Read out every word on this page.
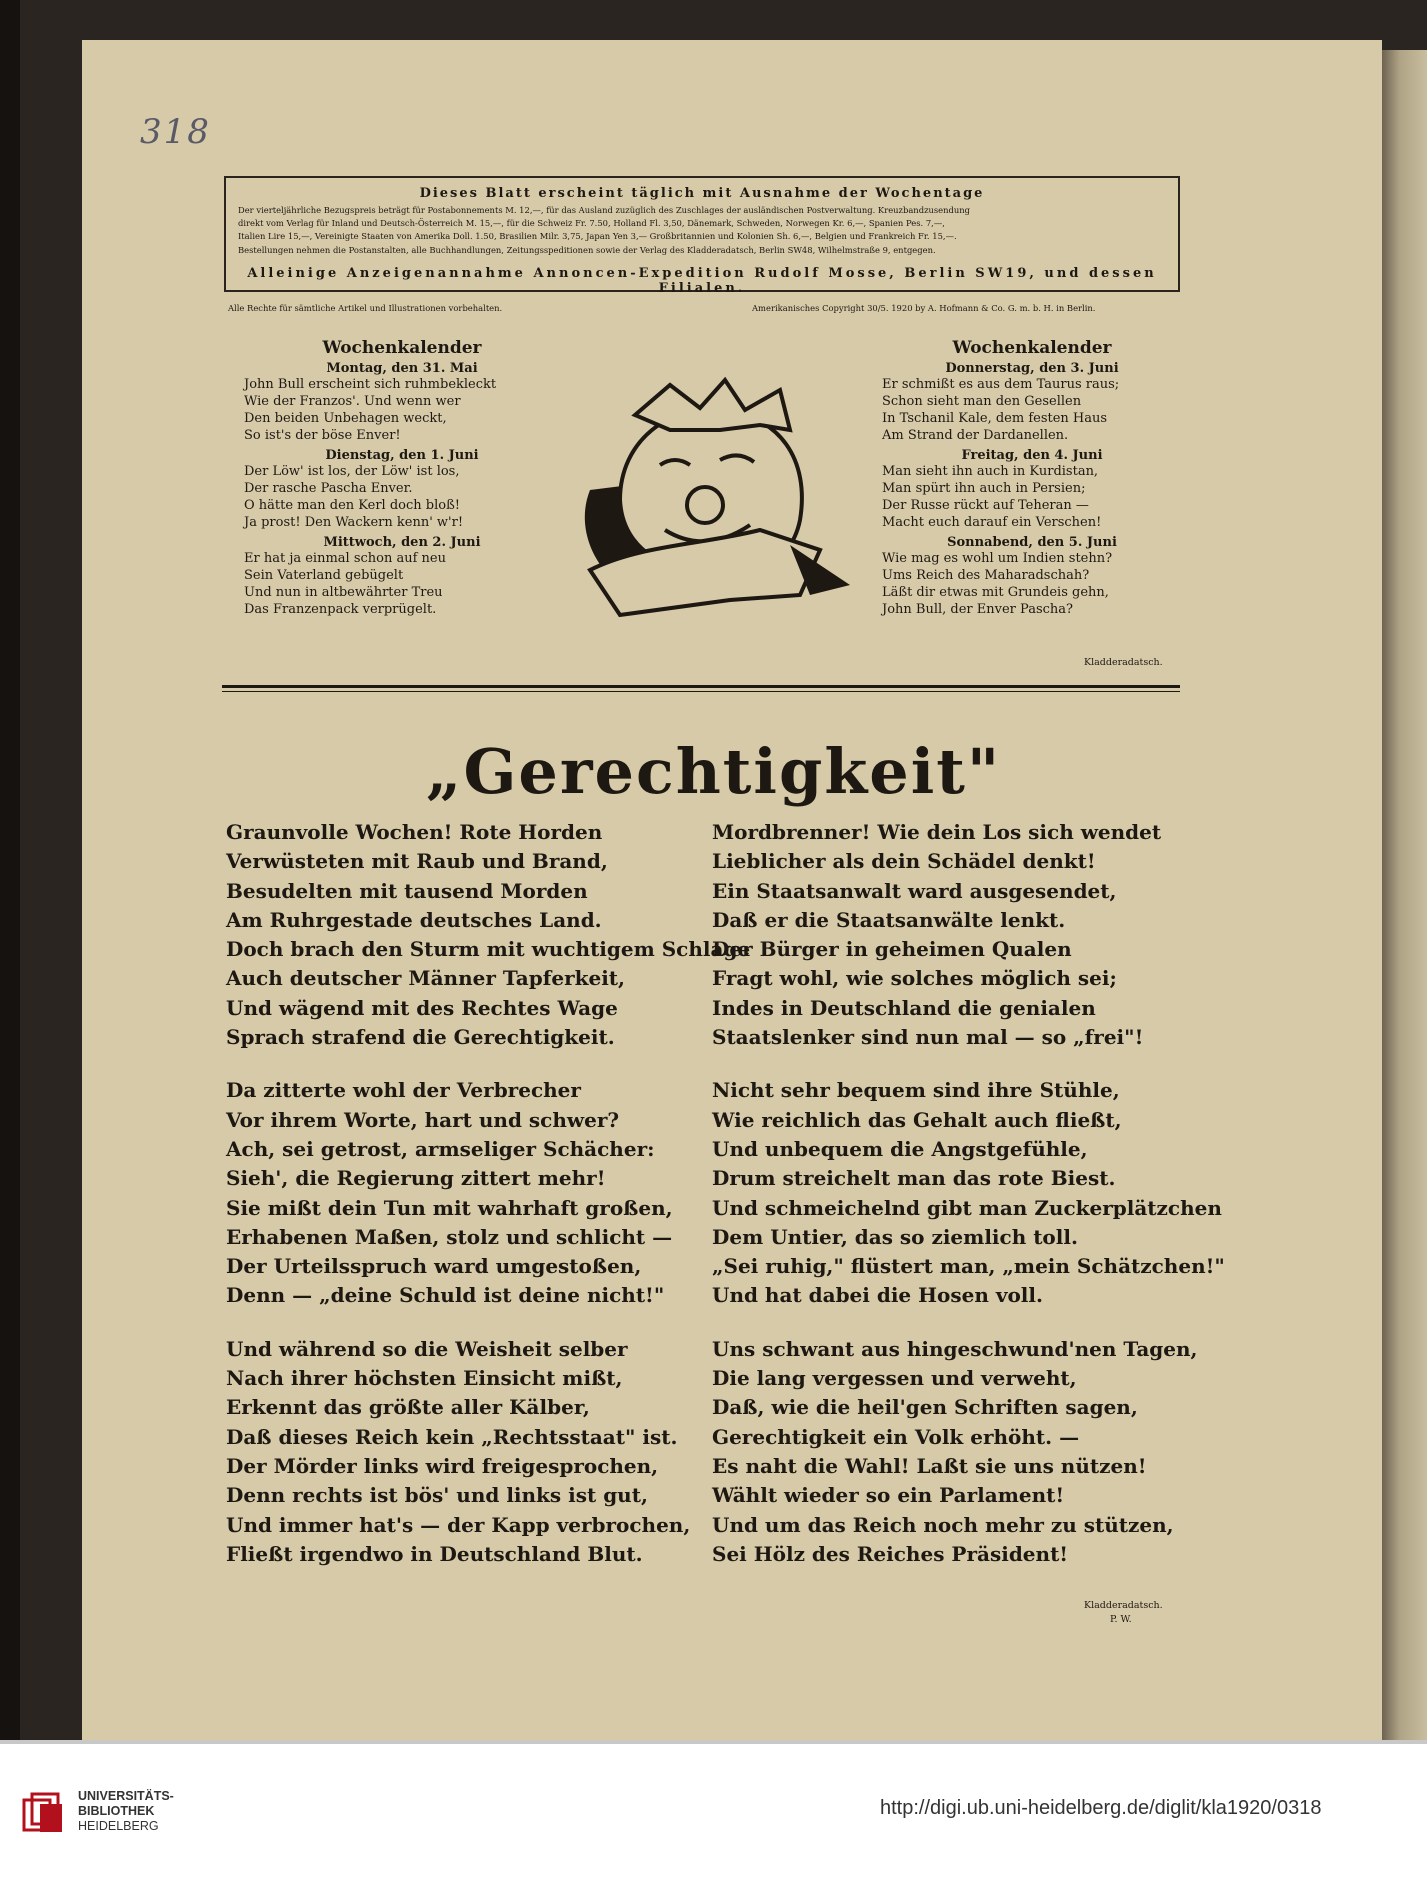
318
Dieses Blatt erscheint täglich mit Ausnahme der Wochentage
Der vierteljährliche Bezugspreis beträgt für Postabonnements M. 12,—, für das Ausland zuzüglich des Zuschlages der ausländischen Postverwaltung. Kreuzbandzusendung
direkt vom Verlag für Inland und Deutsch-Österreich M. 15,—, für die Schweiz Fr. 7.50, Holland Fl. 3,50, Dänemark, Schweden, Norwegen Kr. 6,—, Spanien Pes. 7,—,
Italien Lire 15,—, Vereinigte Staaten von Amerika Doll. 1.50, Brasilien Milr. 3,75, Japan Yen 3,— Großbritannien und Kolonien Sh. 6,—, Belgien und Frankreich Fr. 15,—.
Bestellungen nehmen die Postanstalten, alle Buchhandlungen, Zeitungsspeditionen sowie der Verlag des Kladderadatsch, Berlin SW48, Wilhelmstraße 9, entgegen.
Alleinige Anzeigenannahme Annoncen-Expedition Rudolf Mosse, Berlin SW19, und dessen Filialen.
Alle Rechte für sämtliche Artikel und Illustrationen vorbehalten.	Amerikanisches Copyright 30/5. 1920 by A. Hofmann & Co. G. m. b. H. in Berlin.
Wochenkalender
Montag, den 31. Mai
John Bull erscheint sich ruhmbekleckt
Wie der Franzos'. Und wenn wer
Den beiden Unbehagen weckt,
So ist's der böse Enver!
Dienstag, den 1. Juni
Der Löw' ist los, der Löw' ist los,
Der rasche Pascha Enver.
O hätte man den Kerl doch bloß!
Ja prost! Den Wackern kenn' w'r!
Mittwoch, den 2. Juni
Er hat ja einmal schon auf neu
Sein Vaterland gebügelt
Und nun in altbewährter Treu
Das Franzenpack verprügelt.
Wochenkalender
Donnerstag, den 3. Juni
Er schmißt es aus dem Taurus raus;
Schon sieht man den Gesellen
In Tschanil Kale, dem festen Haus
Am Strand der Dardanellen.
Freitag, den 4. Juni
Man sieht ihn auch in Kurdistan,
Man spürt ihn auch in Persien;
Der Russe rückt auf Teheran —
Macht euch darauf ein Verschen!
Sonnabend, den 5. Juni
Wie mag es wohl um Indien stehn?
Ums Reich des Maharadschah?
Läßt dir etwas mit Grundeis gehn,
John Bull, der Enver Pascha?
Kladderadatsch.
„Gerechtigkeit"
Graunvolle Wochen! Rote Horden
Verwüsteten mit Raub und Brand,
Besudelten mit tausend Morden
Am Ruhrgestade deutsches Land.
Doch brach den Sturm mit wuchtigem Schlage
Auch deutscher Männer Tapferkeit,
Und wägend mit des Rechtes Wage
Sprach strafend die Gerechtigkeit.
Da zitterte wohl der Verbrecher
Vor ihrem Worte, hart und schwer?
Ach, sei getrost, armseliger Schächer:
Sieh', die Regierung zittert mehr!
Sie mißt dein Tun mit wahrhaft großen,
Erhabenen Maßen, stolz und schlicht —
Der Urteilsspruch ward umgestoßen,
Denn — „deine Schuld ist deine nicht!"
Und während so die Weisheit selber
Nach ihrer höchsten Einsicht mißt,
Erkennt das größte aller Kälber,
Daß dieses Reich kein „Rechtsstaat" ist.
Der Mörder links wird freigesprochen,
Denn rechts ist bös' und links ist gut,
Und immer hat's — der Kapp verbrochen,
Fließt irgendwo in Deutschland Blut.
Mordbrenner! Wie dein Los sich wendet
Lieblicher als dein Schädel denkt!
Ein Staatsanwalt ward ausgesendet,
Daß er die Staatsanwälte lenkt.
Der Bürger in geheimen Qualen
Fragt wohl, wie solches möglich sei;
Indes in Deutschland die genialen
Staatslenker sind nun mal — so „frei"!
Nicht sehr bequem sind ihre Stühle,
Wie reichlich das Gehalt auch fließt,
Und unbequem die Angstgefühle,
Drum streichelt man das rote Biest.
Und schmeichelnd gibt man Zuckerplätzchen
Dem Untier, das so ziemlich toll.
„Sei ruhig," flüstert man, „mein Schätzchen!"
Und hat dabei die Hosen voll.
Uns schwant aus hingeschwund'nen Tagen,
Die lang vergessen und verweht,
Daß, wie die heil'gen Schriften sagen,
Gerechtigkeit ein Volk erhöht. —
Es naht die Wahl! Laßt sie uns nützen!
Wählt wieder so ein Parlament!
Und um das Reich noch mehr zu stützen,
Sei Hölz des Reiches Präsident!
Kladderadatsch.
P. W.
UNIVERSITÄTS-
BIBLIOTHEK
HEIDELBERG
http://digi.ub.uni-heidelberg.de/diglit/kla1920/0318
